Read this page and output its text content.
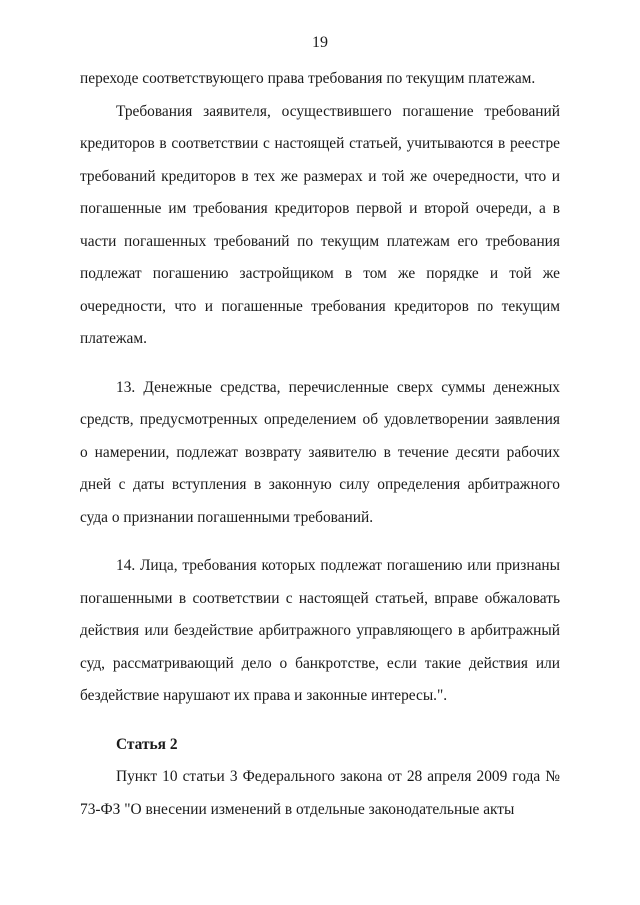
19

переходе соответствующего права требования по текущим платежам.

Требования заявителя, осуществившего погашение требований кредиторов в соответствии с настоящей статьей, учитываются в реестре требований кредиторов в тех же размерах и той же очередности, что и погашенные им требования кредиторов первой и второй очереди, а в части погашенных требований по текущим платежам его требования подлежат погашению застройщиком в том же порядке и той же очередности, что и погашенные требования кредиторов по текущим платежам.

13. Денежные средства, перечисленные сверх суммы денежных средств, предусмотренных определением об удовлетворении заявления о намерении, подлежат возврату заявителю в течение десяти рабочих дней с даты вступления в законную силу определения арбитражного суда о признании погашенными требований.

14. Лица, требования которых подлежат погашению или признаны погашенными в соответствии с настоящей статьей, вправе обжаловать действия или бездействие арбитражного управляющего в арбитражный суд, рассматривающий дело о банкротстве, если такие действия или бездействие нарушают их права и законные интересы.".

Статья 2

Пункт 10 статьи 3 Федерального закона от 28 апреля 2009 года № 73-ФЗ "О внесении изменений в отдельные законодательные акты
